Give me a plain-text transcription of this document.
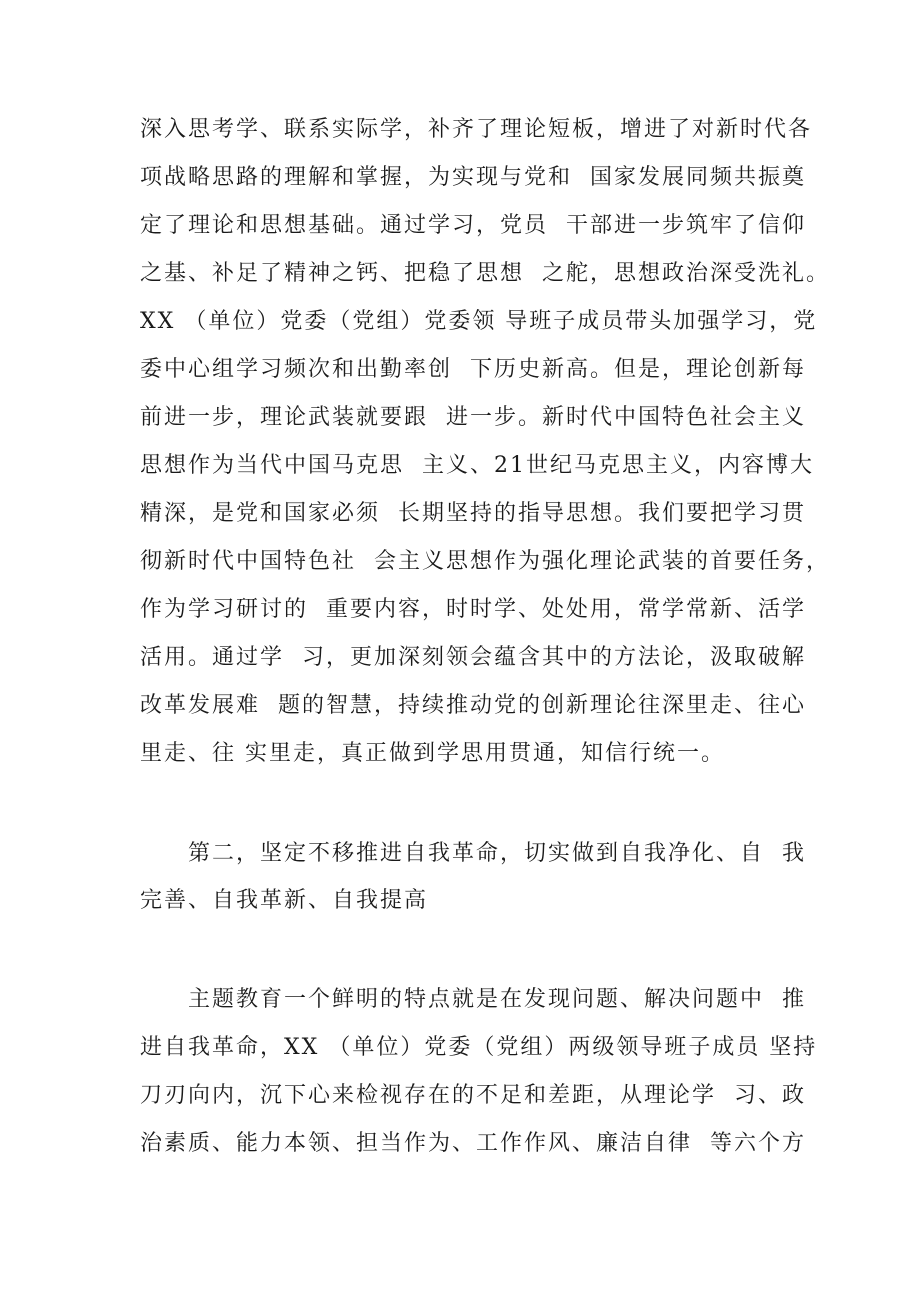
深入思考学、联系实际学，补齐了理论短板，增进了对新时代各
项战略思路的理解和掌握，为实现与党和  国家发展同频共振奠
定了理论和思想基础。通过学习，党员  干部进一步筑牢了信仰
之基、补足了精神之钙、把稳了思想  之舵，思想政治深受洗礼。
XX （单位）党委（党组）党委领 导班子成员带头加强学习，党
委中心组学习频次和出勤率创  下历史新高。但是，理论创新每
前进一步，理论武装就要跟  进一步。新时代中国特色社会主义
思想作为当代中国马克思  主义、21世纪马克思主义，内容博大
精深，是党和国家必须  长期坚持的指导思想。我们要把学习贯
彻新时代中国特色社  会主义思想作为强化理论武装的首要任务，
作为学习研讨的  重要内容，时时学、处处用，常学常新、活学
活用。通过学  习，更加深刻领会蕴含其中的方法论，汲取破解
改革发展难  题的智慧，持续推动党的创新理论往深里走、往心
里走、往 实里走，真正做到学思用贯通，知信行统一。
第二，坚定不移推进自我革命，切实做到自我净化、自  我
完善、自我革新、自我提高
主题教育一个鲜明的特点就是在发现问题、解决问题中  推
进自我革命，XX （单位）党委（党组）两级领导班子成员 坚持
刀刃向内，沉下心来检视存在的不足和差距，从理论学  习、政
治素质、能力本领、担当作为、工作作风、廉洁自律  等六个方
